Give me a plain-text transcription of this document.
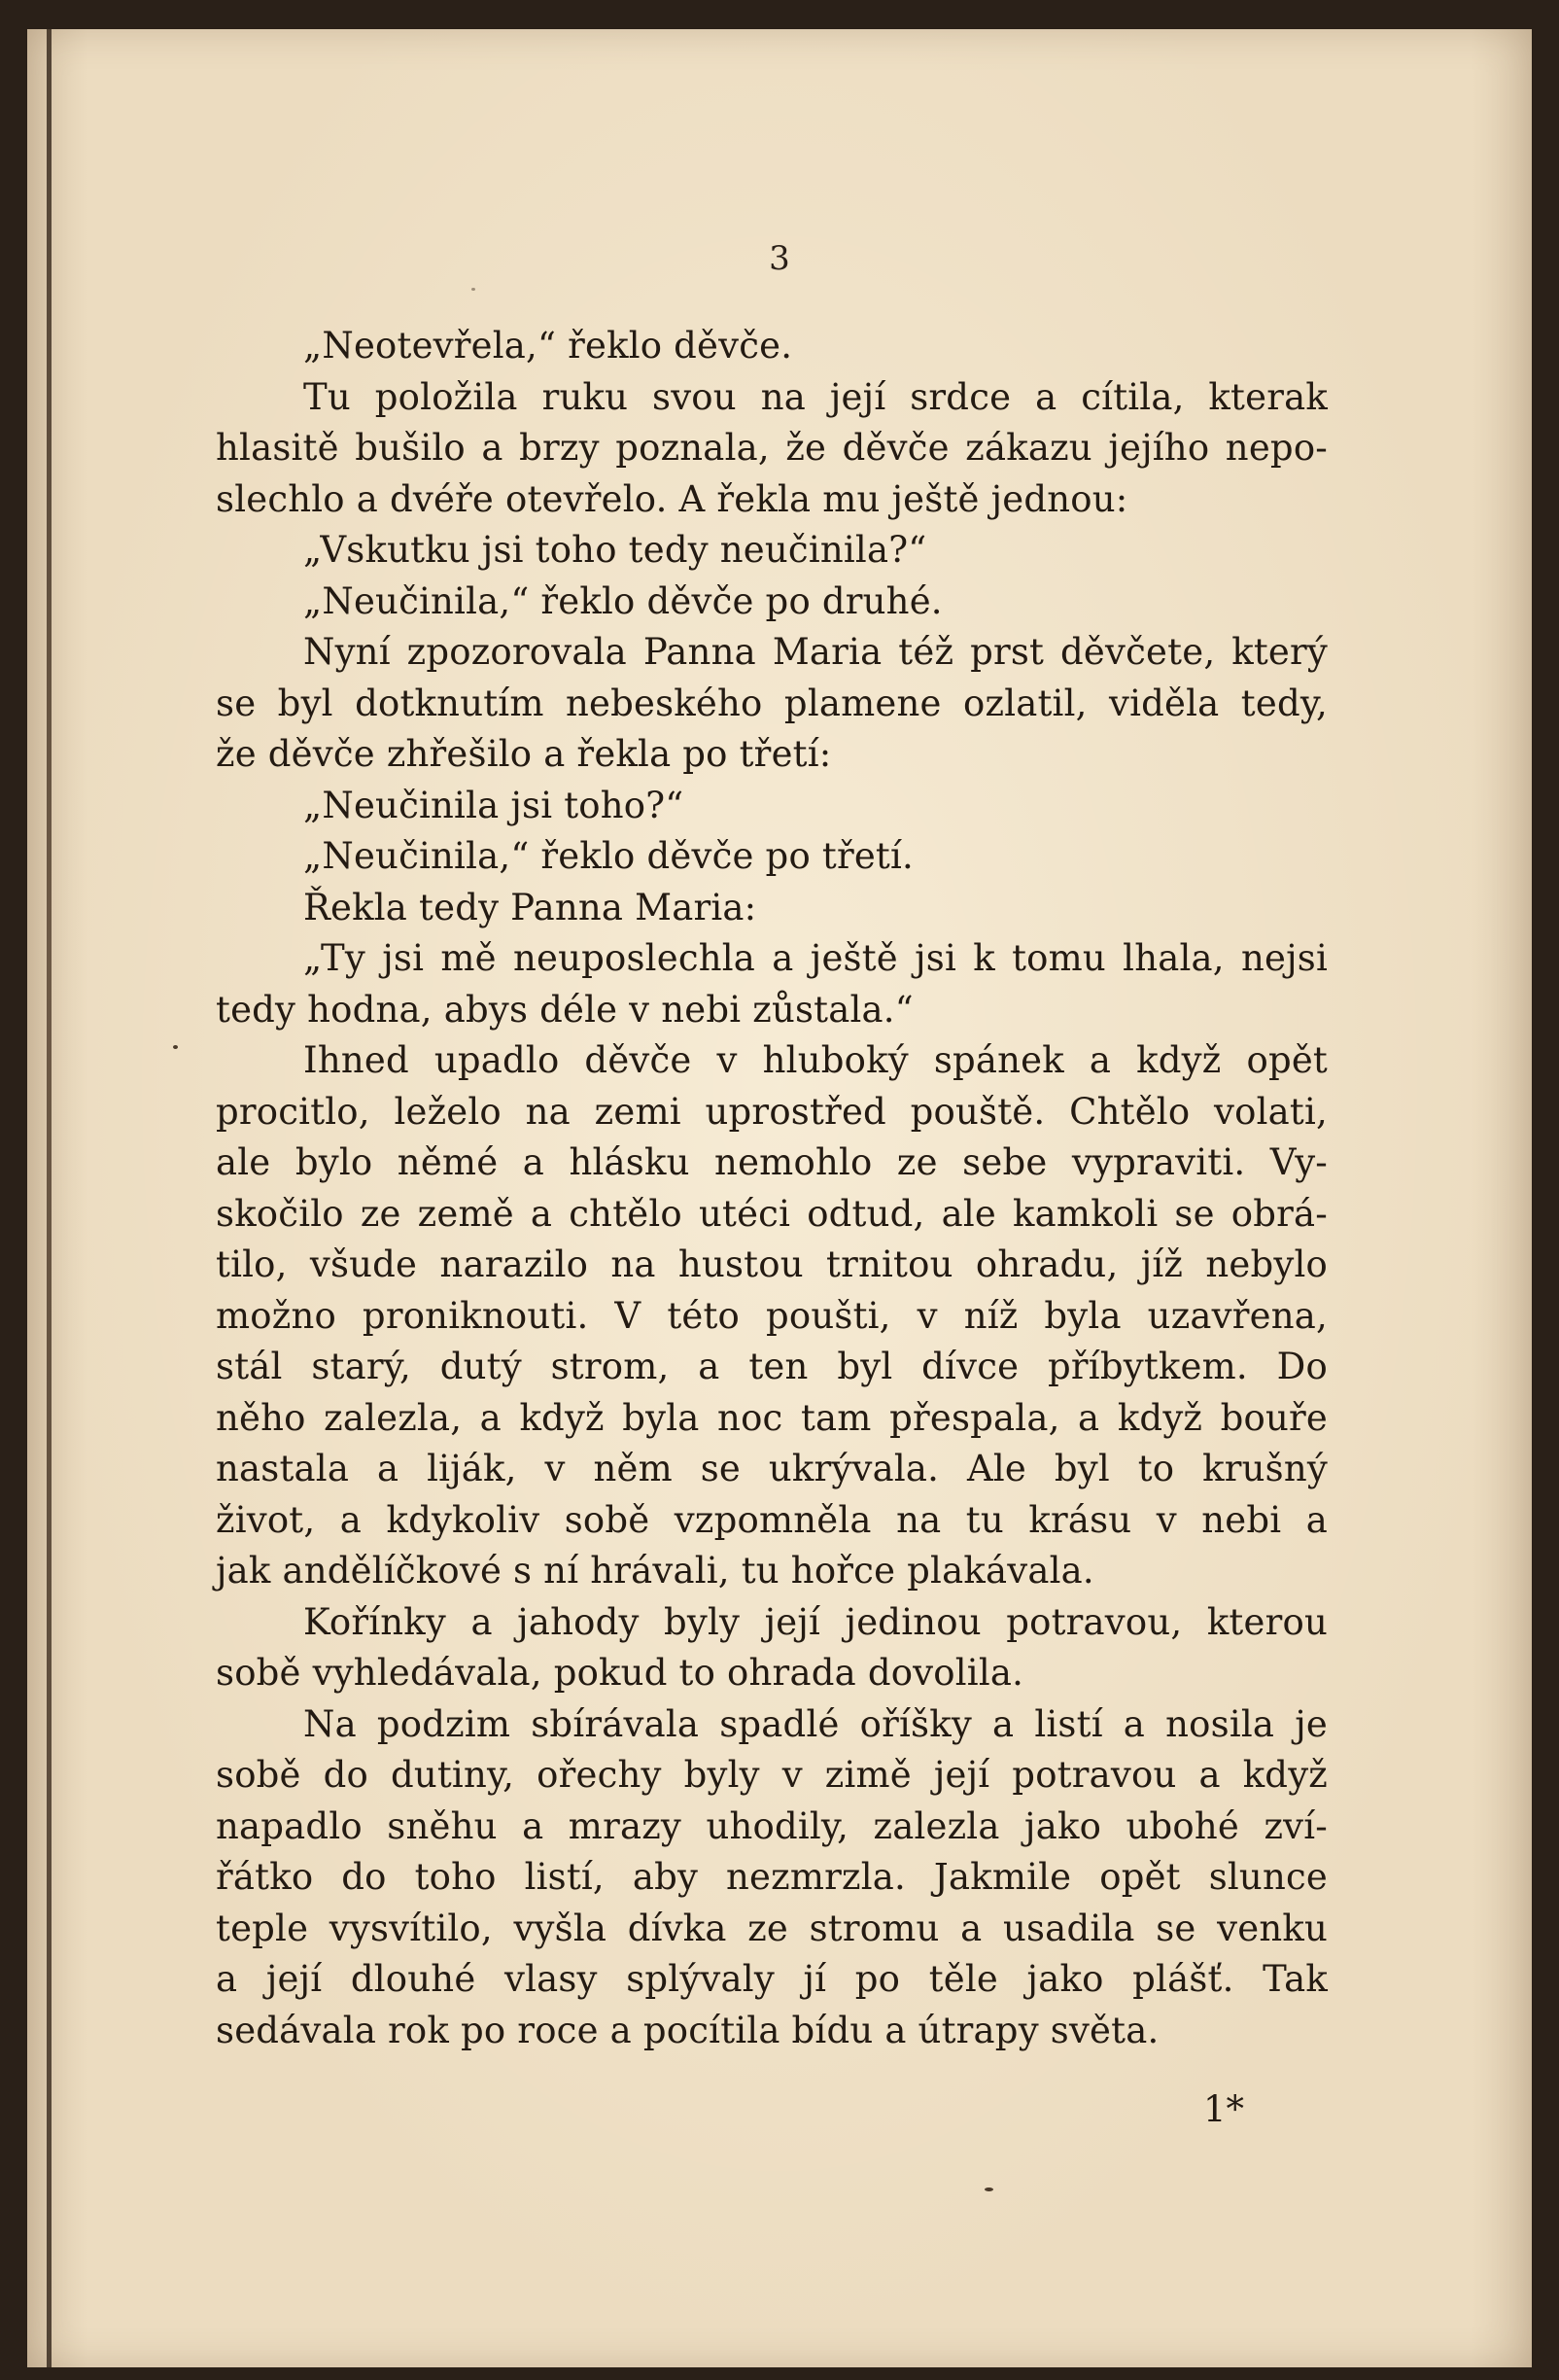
3
„Neotevřela,“ řeklo děvče.
Tu položila ruku svou na její srdce a cítila, kterak
hlasitě bušilo a brzy poznala, že děvče zákazu jejího nepo-
slechlo a dvéře otevřelo. A řekla mu ještě jednou:
„Vskutku jsi toho tedy neučinila?“
„Neučinila,“ řeklo děvče po druhé.
Nyní zpozorovala Panna Maria též prst děvčete, který
se byl dotknutím nebeského plamene ozlatil, viděla tedy,
že děvče zhřešilo a řekla po třetí:
„Neučinila jsi toho?“
„Neučinila,“ řeklo děvče po třetí.
Řekla tedy Panna Maria:
„Ty jsi mě neuposlechla a ještě jsi k tomu lhala, nejsi
tedy hodna, abys déle v nebi zůstala.“
Ihned upadlo děvče v hluboký spánek a když opět
procitlo, leželo na zemi uprostřed pouště. Chtělo volati,
ale bylo němé a hlásku nemohlo ze sebe vypraviti. Vy-
skočilo ze země a chtělo utéci odtud, ale kamkoli se obrá-
tilo, všude narazilo na hustou trnitou ohradu, jíž nebylo
možno proniknouti. V této poušti, v níž byla uzavřena,
stál starý, dutý strom, a ten byl dívce příbytkem. Do
něho zalezla, a když byla noc tam přespala, a když bouře
nastala a liják, v něm se ukrývala. Ale byl to krušný
život, a kdykoliv sobě vzpomněla na tu krásu v nebi a
jak andělíčkové s ní hrávali, tu hořce plakávala.
Kořínky a jahody byly její jedinou potravou, kterou
sobě vyhledávala, pokud to ohrada dovolila.
Na podzim sbírávala spadlé oříšky a listí a nosila je
sobě do dutiny, ořechy byly v zimě její potravou a když
napadlo sněhu a mrazy uhodily, zalezla jako ubohé zví-
řátko do toho listí, aby nezmrzla. Jakmile opět slunce
teple vysvítilo, vyšla dívka ze stromu a usadila se venku
a její dlouhé vlasy splývaly jí po těle jako plášť. Tak
sedávala rok po roce a pocítila bídu a útrapy světa.
1*
